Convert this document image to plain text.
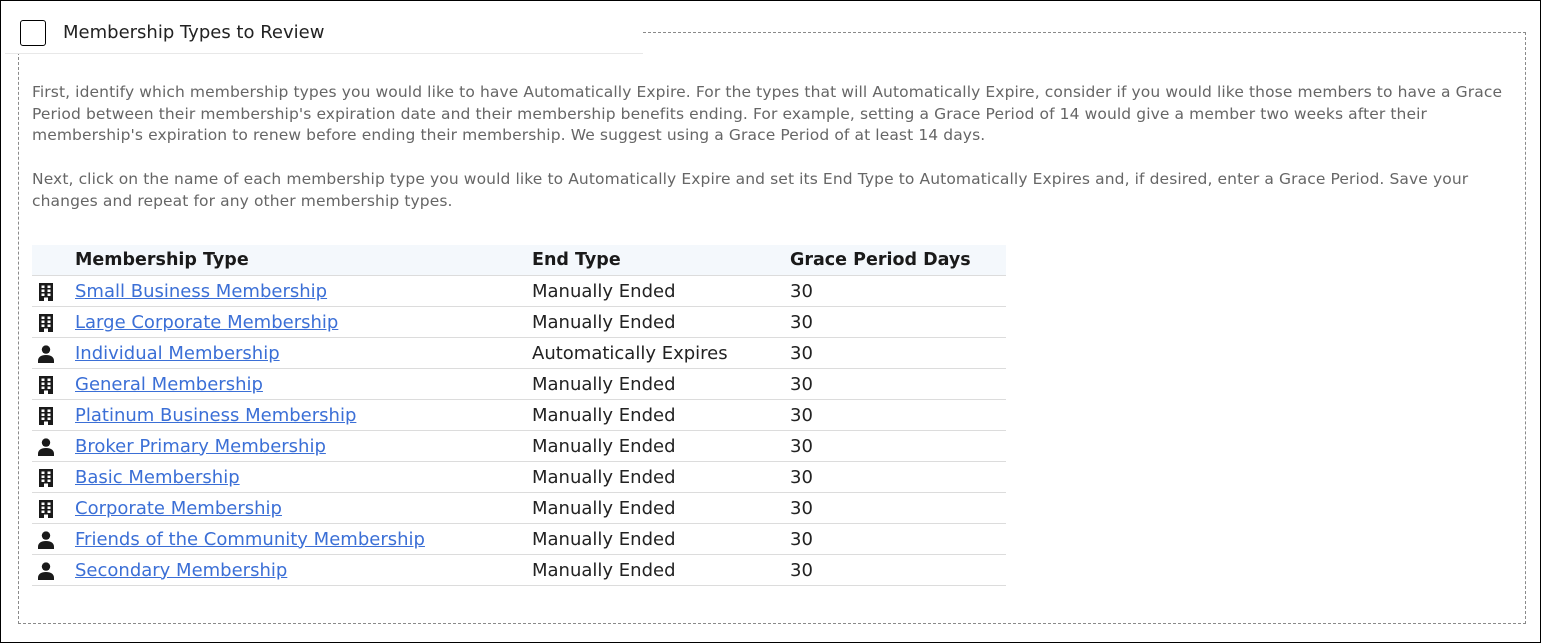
Membership Types to Review

First, identify which membership types you would like to have Automatically Expire. For the types that will Automatically Expire, consider if you would like those members to have a Grace Period between their membership's expiration date and their membership benefits ending. For example, setting a Grace Period of 14 would give a member two weeks after their membership's expiration to renew before ending their membership. We suggest using a Grace Period of at least 14 days.

Next, click on the name of each membership type you would like to Automatically Expire and set its End Type to Automatically Expires and, if desired, enter a Grace Period. Save your changes and repeat for any other membership types.

	Membership Type	End Type	Grace Period Days
	Small Business Membership	Manually Ended	30
	Large Corporate Membership	Manually Ended	30
	Individual Membership	Automatically Expires	30
	General Membership	Manually Ended	30
	Platinum Business Membership	Manually Ended	30
	Broker Primary Membership	Manually Ended	30
	Basic Membership	Manually Ended	30
	Corporate Membership	Manually Ended	30
	Friends of the Community Membership	Manually Ended	30
	Secondary Membership	Manually Ended	30
